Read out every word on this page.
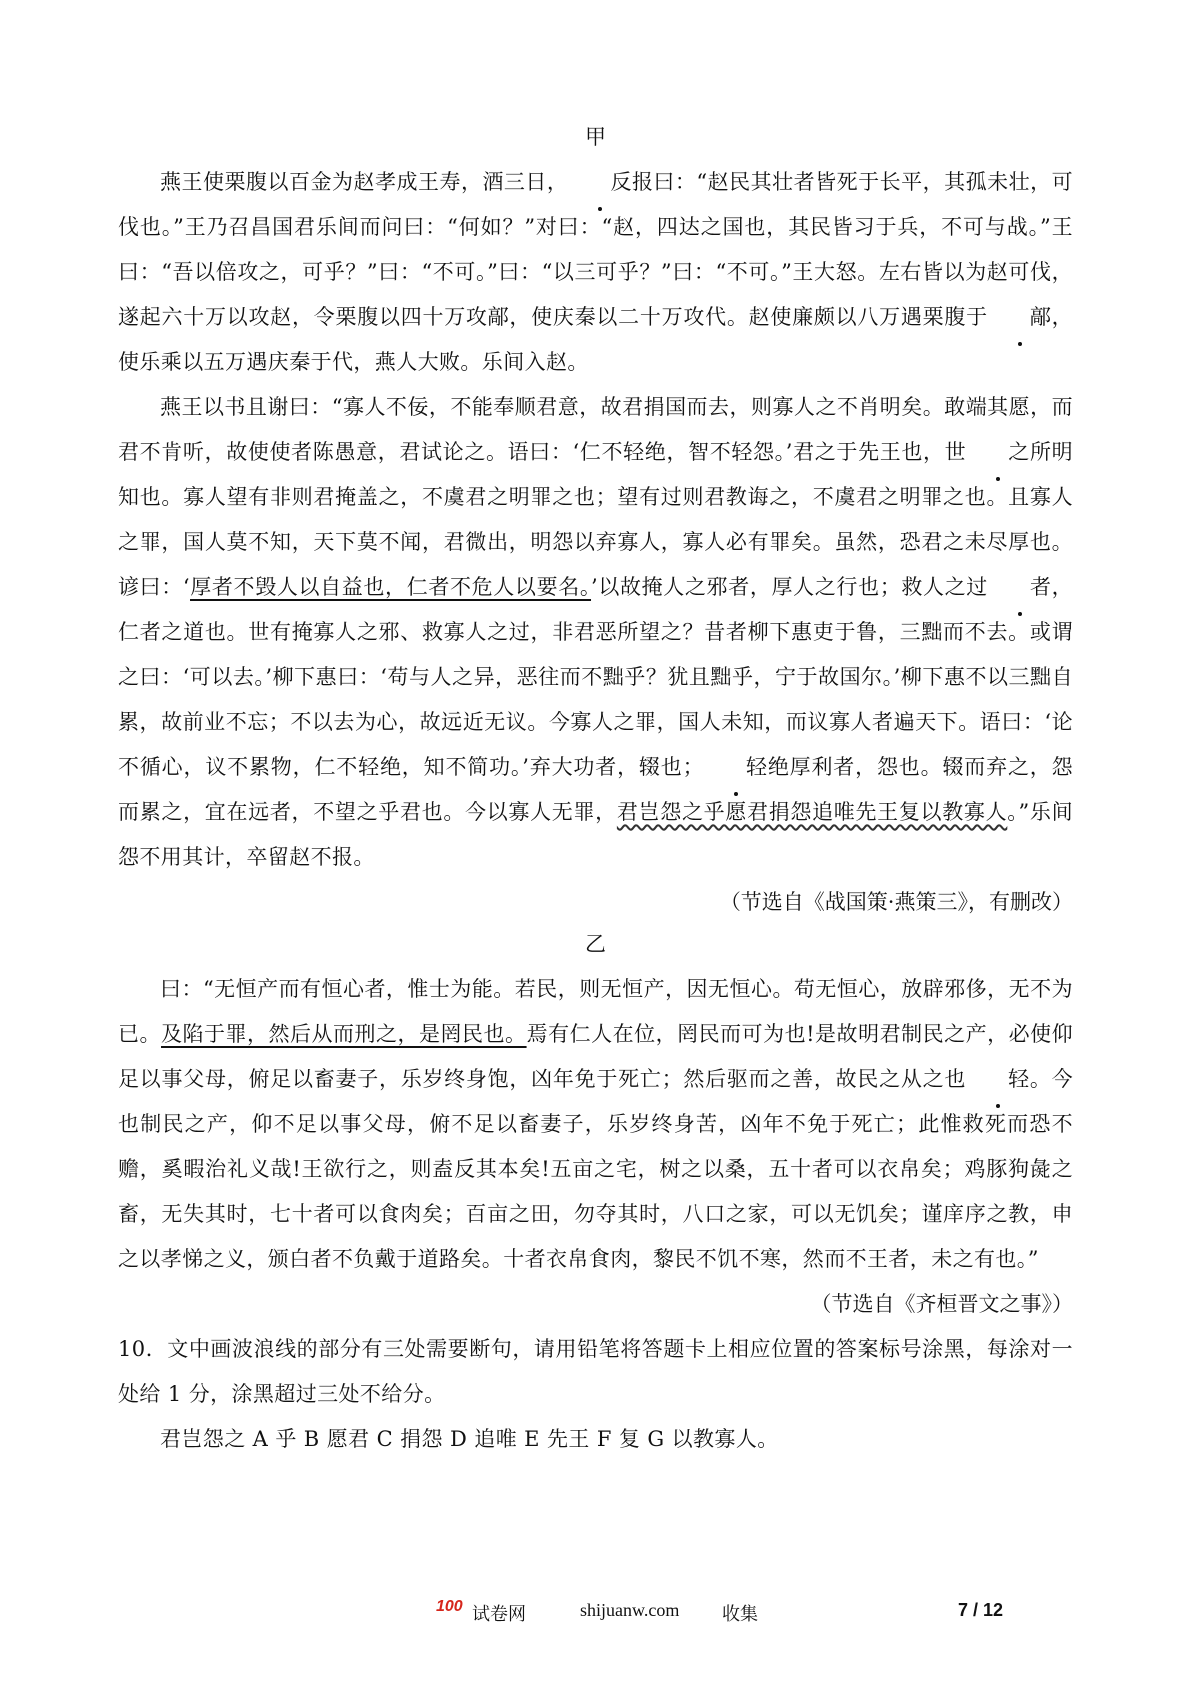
甲

燕王使栗腹以百金为赵孝成王寿，酒三日， 反报曰：“赵民其壮者皆死于长平，其孤未壮，可伐也。”王乃召昌国君乐间而问曰：“何如？”对曰：“赵，四达之国也，其民皆习于兵，不可与战。”王曰：“吾以倍攻之，可乎？”曰：“不可。”曰：“以三可乎？”曰：“不可。”王大怒。左右皆以为赵可伐，遂起六十万以攻赵，令栗腹以四十万攻鄗，使庆秦以二十万攻代。赵使廉颇以八万遇栗腹于 鄗，使乐乘以五万遇庆秦于代，燕人大败。乐间入赵。

燕王以书且谢曰：“寡人不佞，不能奉顺君意，故君捐国而去，则寡人之不肖明矣。敢端其愿，而君不肯听，故使使者陈愚意，君试论之。语曰：‘仁不轻绝，智不轻怨。’君之于先王也，世 之所明知也。寡人望有非则君掩盖之，不虞君之明罪之也；望有过则君教诲之，不虞君之明罪之也。且寡人之罪，国人莫不知，天下莫不闻，君微出，明怨以弃寡人，寡人必有罪矣。虽然，恐君之未尽厚也。谚曰：‘厚者不毁人以自益也，仁者不危人以要名。’以故掩人之邪者，厚人之行也；救人之过 者，仁者之道也。世有掩寡人之邪、救寡人之过，非君恶所望之？昔者柳下惠吏于鲁，三黜而不去。或谓之曰：‘可以去。’柳下惠曰：‘苟与人之异，恶往而不黜乎？犹且黜乎，宁于故国尔。’柳下惠不以三黜自累，故前业不忘；不以去为心，故远近无议。今寡人之罪，国人未知，而议寡人者遍天下。语曰：‘论不循心，议不累物，仁不轻绝，知不简功。’弃大功者，辍也； 轻绝厚利者，怨也。辍而弃之，怨而累之，宜在远者，不望之乎君也。今以寡人无罪，君岂怨之乎愿君捐怨追唯先王复以教寡人。”乐间怨不用其计，卒留赵不报。

（节选自《战国策·燕策三》，有删改）

乙

曰：“无恒产而有恒心者，惟士为能。若民，则无恒产，因无恒心。苟无恒心，放辟邪侈，无不为已。及陷于罪，然后从而刑之，是罔民也。焉有仁人在位，罔民而可为也!是故明君制民之产，必使仰足以事父母，俯足以畜妻子，乐岁终身饱，凶年免于死亡；然后驱而之善，故民之从之也 轻。今也制民之产，仰不足以事父母，俯不足以畜妻子，乐岁终身苦，凶年不免于死亡；此惟救死而恐不赡，奚暇治礼义哉!王欲行之，则盍反其本矣!五亩之宅，树之以桑，五十者可以衣帛矣；鸡豚狗彘之畜，无失其时，七十者可以食肉矣；百亩之田，勿夺其时，八口之家，可以无饥矣；谨庠序之教，申之以孝悌之义，颁白者不负戴于道路矣。十者衣帛食肉，黎民不饥不寒，然而不王者，未之有也。”

（节选自《齐桓晋文之事》）

10．文中画波浪线的部分有三处需要断句，请用铅笔将答题卡上相应位置的答案标号涂黑，每涂对一处给 1 分，涂黑超过三处不给分。

君岂怨之 A 乎 B 愿君 C 捐怨 D 追唯 E 先王 F 复 G 以教寡人。

100 试卷网	shijuanw.com 收集	7 / 12
